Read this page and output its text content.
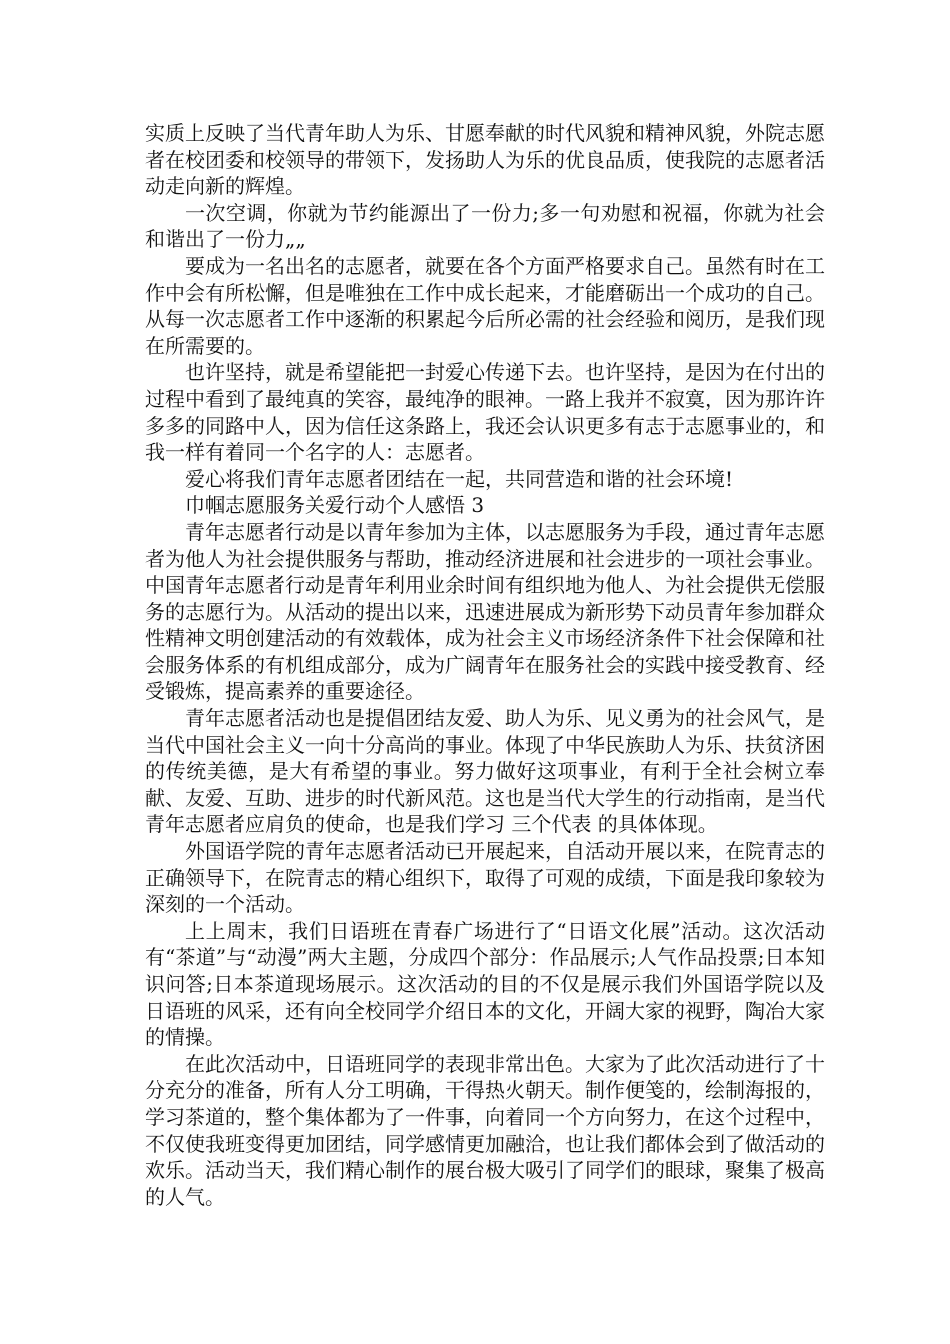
实质上反映了当代青年助人为乐、甘愿奉献的时代风貌和精神风貌，外院志愿者在校团委和校领导的带领下，发扬助人为乐的优良品质，使我院的志愿者活动走向新的辉煌。

一次空调，你就为节约能源出了一份力;多一句劝慰和祝福，你就为社会和谐出了一份力„„

要成为一名出名的志愿者，就要在各个方面严格要求自己。虽然有时在工作中会有所松懈，但是唯独在工作中成长起来，才能磨砺出一个成功的自己。从每一次志愿者工作中逐渐的积累起今后所必需的社会经验和阅历，是我们现在所需要的。

也许坚持，就是希望能把一封爱心传递下去。也许坚持，是因为在付出的过程中看到了最纯真的笑容，最纯净的眼神。一路上我并不寂寞，因为那许许多多的同路中人，因为信任这条路上，我还会认识更多有志于志愿事业的，和我一样有着同一个名字的人：志愿者。

爱心将我们青年志愿者团结在一起，共同营造和谐的社会环境!

巾帼志愿服务关爱行动个人感悟 3

青年志愿者行动是以青年参加为主体，以志愿服务为手段，通过青年志愿者为他人为社会提供服务与帮助，推动经济进展和社会进步的一项社会事业。中国青年志愿者行动是青年利用业余时间有组织地为他人、为社会提供无偿服务的志愿行为。从活动的提出以来，迅速进展成为新形势下动员青年参加群众性精神文明创建活动的有效载体，成为社会主义市场经济条件下社会保障和社会服务体系的有机组成部分，成为广阔青年在服务社会的实践中接受教育、经受锻炼，提高素养的重要途径。

青年志愿者活动也是提倡团结友爱、助人为乐、见义勇为的社会风气，是当代中国社会主义一向十分高尚的事业。体现了中华民族助人为乐、扶贫济困的传统美德，是大有希望的事业。努力做好这项事业，有利于全社会树立奉献、友爱、互助、进步的时代新风范。这也是当代大学生的行动指南，是当代青年志愿者应肩负的使命，也是我们学习 三个代表 的具体体现。

外国语学院的青年志愿者活动已开展起来，自活动开展以来，在院青志的正确领导下，在院青志的精心组织下，取得了可观的成绩，下面是我印象较为深刻的一个活动。

上上周末，我们日语班在青春广场进行了“日语文化展”活动。这次活动有“茶道”与“动漫”两大主题，分成四个部分：作品展示;人气作品投票;日本知识问答;日本茶道现场展示。这次活动的目的不仅是展示我们外国语学院以及日语班的风采，还有向全校同学介绍日本的文化，开阔大家的视野，陶冶大家的情操。

在此次活动中，日语班同学的表现非常出色。大家为了此次活动进行了十分充分的准备，所有人分工明确，干得热火朝天。制作便笺的，绘制海报的，学习茶道的，整个集体都为了一件事，向着同一个方向努力，在这个过程中，不仅使我班变得更加团结，同学感情更加融洽，也让我们都体会到了做活动的欢乐。活动当天，我们精心制作的展台极大吸引了同学们的眼球，聚集了极高的人气。
